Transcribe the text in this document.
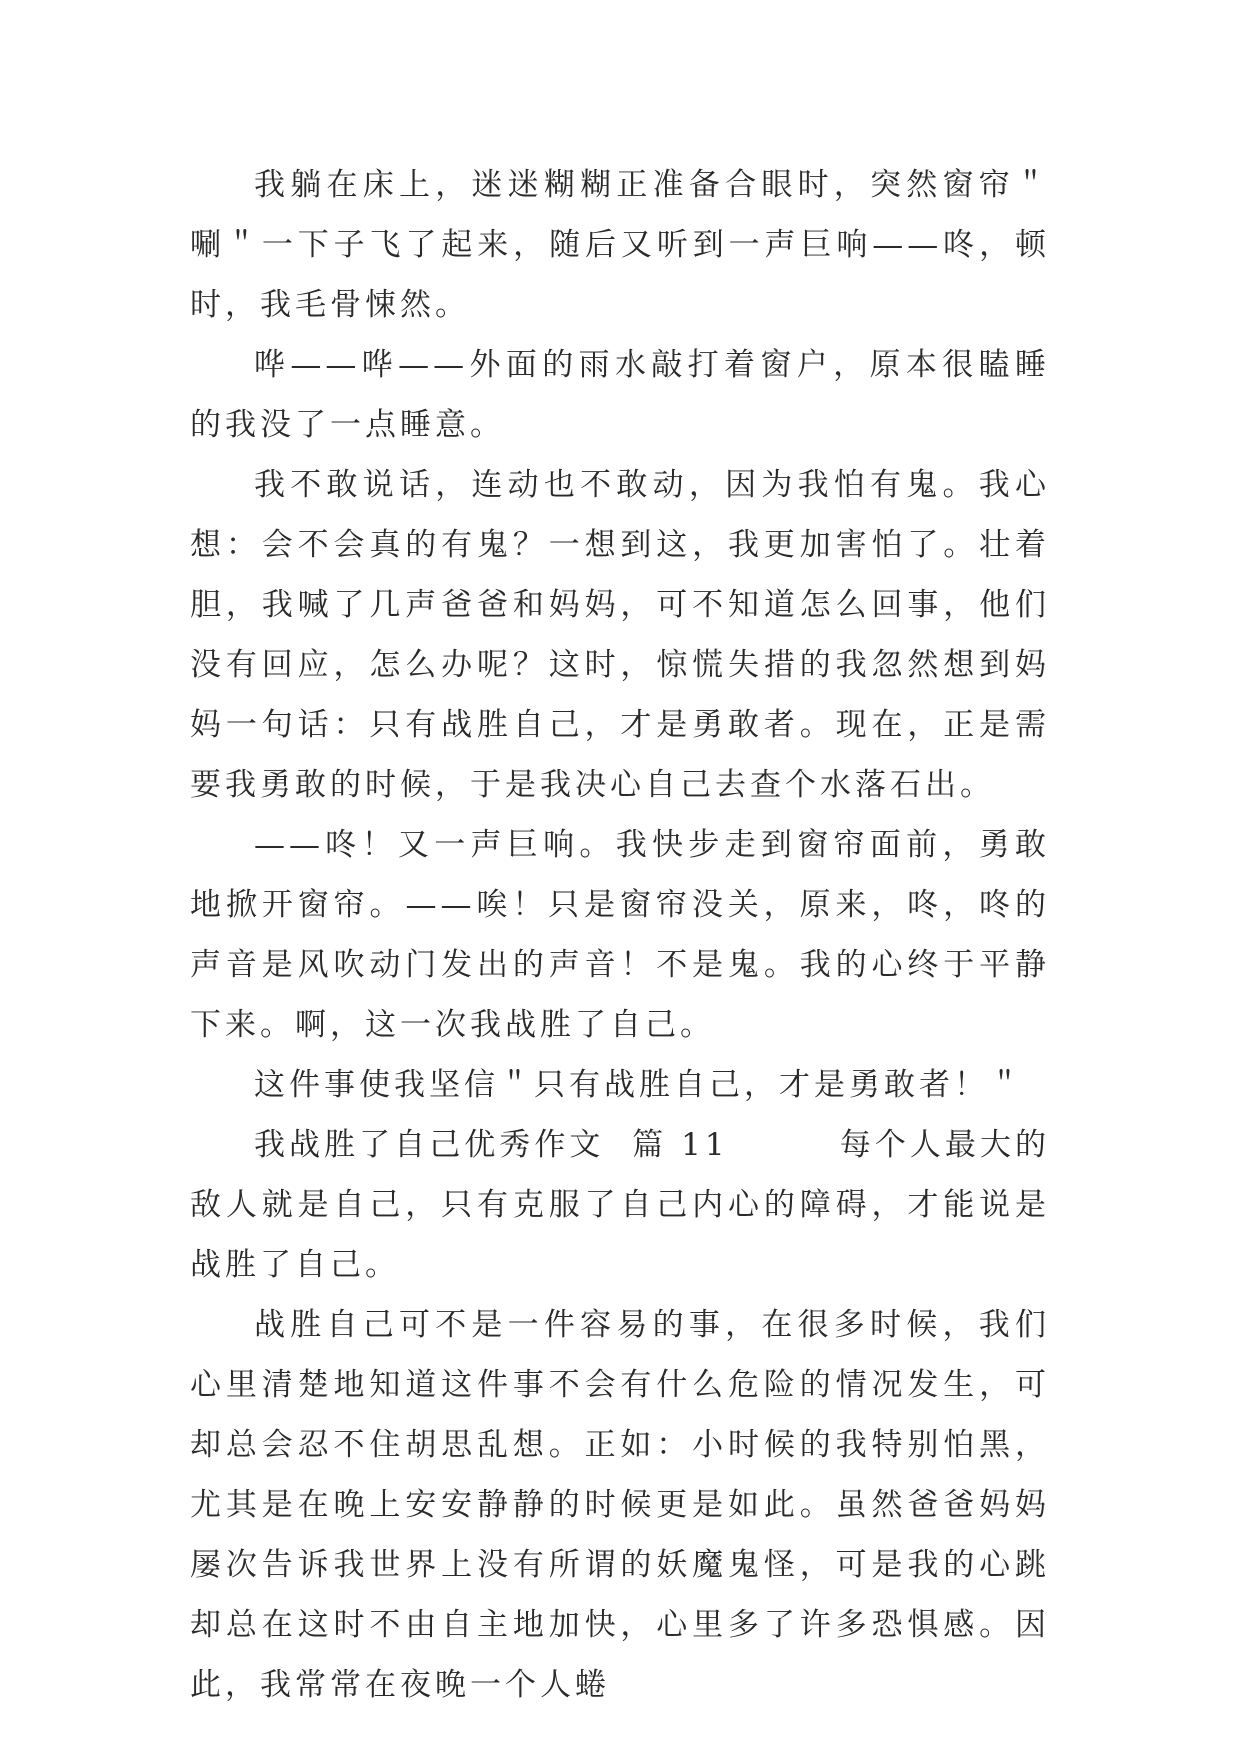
我躺在床上，迷迷糊糊正准备合眼时，突然窗帘＂唰＂一下子飞了起来，随后又听到一声巨响——咚，顿时，我毛骨悚然。

哗——哗——外面的雨水敲打着窗户，原本很瞌睡的我没了一点睡意。

我不敢说话，连动也不敢动，因为我怕有鬼。我心想：会不会真的有鬼？一想到这，我更加害怕了。壮着胆，我喊了几声爸爸和妈妈，可不知道怎么回事，他们没有回应，怎么办呢？这时，惊慌失措的我忽然想到妈妈一句话：只有战胜自己，才是勇敢者。现在，正是需要我勇敢的时候，于是我决心自己去查个水落石出。

——咚！又一声巨响。我快步走到窗帘面前，勇敢地掀开窗帘。——唉！只是窗帘没关，原来，咚，咚的声音是风吹动门发出的声音！不是鬼。我的心终于平静下来。啊，这一次我战胜了自己。

这件事使我坚信＂只有战胜自己，才是勇敢者！＂

我战胜了自己优秀作文  篇 11        每个人最大的敌人就是自己，只有克服了自己内心的障碍，才能说是战胜了自己。

战胜自己可不是一件容易的事，在很多时候，我们心里清楚地知道这件事不会有什么危险的情况发生，可却总会忍不住胡思乱想。正如：小时候的我特别怕黑，尤其是在晚上安安静静的时候更是如此。虽然爸爸妈妈屡次告诉我世界上没有所谓的妖魔鬼怪，可是我的心跳却总在这时不由自主地加快，心里多了许多恐惧感。因此，我常常在夜晚一个人蜷
